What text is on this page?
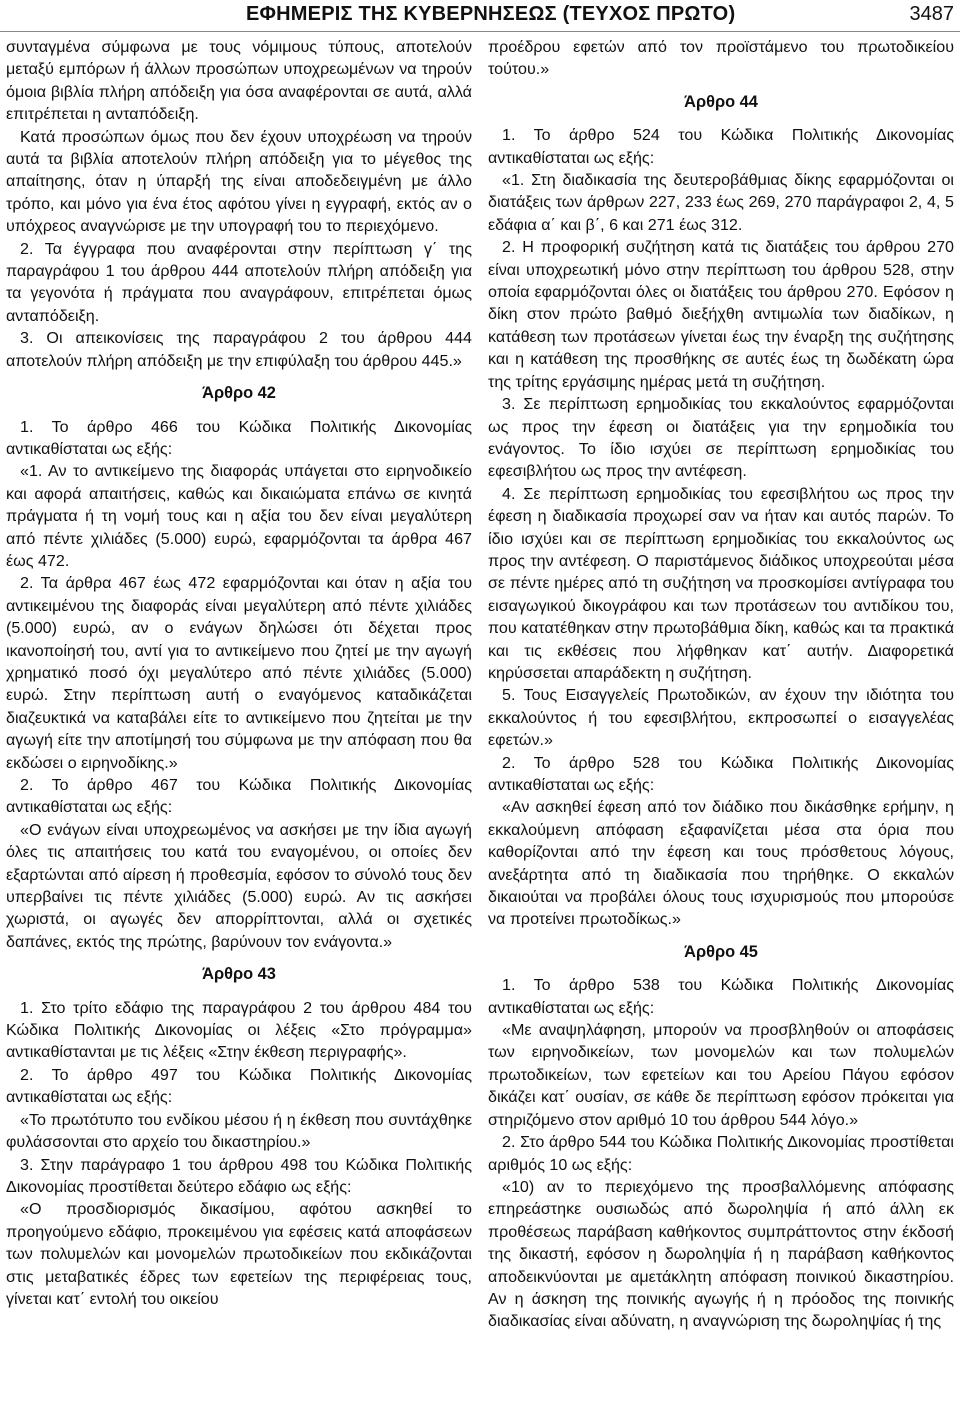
ΕΦΗΜΕΡΙΣ ΤΗΣ ΚΥΒΕΡΝΗΣΕΩΣ (ΤΕΥΧΟΣ ΠΡΩΤΟ)	3487

συνταγμένα σύμφωνα με τους νόμιμους τύπους, αποτελούν μεταξύ εμπόρων ή άλλων προσώπων υποχρεωμένων να τηρούν όμοια βιβλία πλήρη απόδειξη για όσα αναφέρονται σε αυτά, αλλά επιτρέπεται η ανταπόδειξη.

Κατά προσώπων όμως που δεν έχουν υποχρέωση να τηρούν αυτά τα βιβλία αποτελούν πλήρη απόδειξη για το μέγεθος της απαίτησης, όταν η ύπαρξή της είναι αποδεδειγμένη με άλλο τρόπο, και μόνο για ένα έτος αφότου γίνει η εγγραφή, εκτός αν ο υπόχρεος αναγνώρισε με την υπογραφή του το περιεχόμενο.

2. Τα έγγραφα που αναφέρονται στην περίπτωση γ΄ της παραγράφου 1 του άρθρου 444 αποτελούν πλήρη απόδειξη για τα γεγονότα ή πράγματα που αναγράφουν, επιτρέπεται όμως ανταπόδειξη.

3. Οι απεικονίσεις της παραγράφου 2 του άρθρου 444 αποτελούν πλήρη απόδειξη με την επιφύλαξη του άρθρου 445.»

Άρθρο 42

1. Το άρθρο 466 του Κώδικα Πολιτικής Δικονομίας αντικαθίσταται ως εξής:

«1. Αν το αντικείμενο της διαφοράς υπάγεται στο ειρηνοδικείο και αφορά απαιτήσεις, καθώς και δικαιώματα επάνω σε κινητά πράγματα ή τη νομή τους και η αξία του δεν είναι μεγαλύτερη από πέντε χιλιάδες (5.000) ευρώ, εφαρμόζονται τα άρθρα 467 έως 472.

2. Τα άρθρα 467 έως 472 εφαρμόζονται και όταν η αξία του αντικειμένου της διαφοράς είναι μεγαλύτερη από πέντε χιλιάδες (5.000) ευρώ, αν ο ενάγων δηλώσει ότι δέχεται προς ικανοποίησή του, αντί για το αντικείμενο που ζητεί με την αγωγή χρηματικό ποσό όχι μεγαλύτερο από πέντε χιλιάδες (5.000) ευρώ. Στην περίπτωση αυτή ο εναγόμενος καταδικάζεται διαζευκτικά να καταβάλει είτε το αντικείμενο που ζητείται με την αγωγή είτε την αποτίμησή του σύμφωνα με την απόφαση που θα εκδώσει ο ειρηνοδίκης.»

2. Το άρθρο 467 του Κώδικα Πολιτικής Δικονομίας αντικαθίσταται ως εξής:

«Ο ενάγων είναι υποχρεωμένος να ασκήσει με την ίδια αγωγή όλες τις απαιτήσεις του κατά του εναγομένου, οι οποίες δεν εξαρτώνται από αίρεση ή προθεσμία, εφόσον το σύνολό τους δεν υπερβαίνει τις πέντε χιλιάδες (5.000) ευρώ. Αν τις ασκήσει χωριστά, οι αγωγές δεν απορρίπτονται, αλλά οι σχετικές δαπάνες, εκτός της πρώτης, βαρύνουν τον ενάγοντα.»

Άρθρο 43

1. Στο τρίτο εδάφιο της παραγράφου 2 του άρθρου 484 του Κώδικα Πολιτικής Δικονομίας οι λέξεις «Στο πρόγραμμα» αντικαθίστανται με τις λέξεις «Στην έκθεση περιγραφής».

2. Το άρθρο 497 του Κώδικα Πολιτικής Δικονομίας αντικαθίσταται ως εξής:

«Το πρωτότυπο του ενδίκου μέσου ή η έκθεση που συντάχθηκε φυλάσσονται στο αρχείο του δικαστηρίου.»

3. Στην παράγραφο 1 του άρθρου 498 του Κώδικα Πολιτικής Δικονομίας προστίθεται δεύτερο εδάφιο ως εξής:

«Ο προσδιορισμός δικασίμου, αφότου ασκηθεί το προηγούμενο εδάφιο, προκειμένου για εφέσεις κατά αποφάσεων των πολυμελών και μονομελών πρωτοδικείων που εκδικάζονται στις μεταβατικές έδρες των εφετείων της περιφέρειας τους, γίνεται κατ΄ εντολή του οικείου

προέδρου εφετών από τον προϊστάμενο του πρωτοδικείου τούτου.»

Άρθρο 44

1. Το άρθρο 524 του Κώδικα Πολιτικής Δικονομίας αντικαθίσταται ως εξής:

«1. Στη διαδικασία της δευτεροβάθμιας δίκης εφαρμόζονται οι διατάξεις των άρθρων 227, 233 έως 269, 270 παράγραφοι 2, 4, 5 εδάφια α΄ και β΄, 6 και 271 έως 312.

2. Η προφορική συζήτηση κατά τις διατάξεις του άρθρου 270 είναι υποχρεωτική μόνο στην περίπτωση του άρθρου 528, στην οποία εφαρμόζονται όλες οι διατάξεις του άρθρου 270. Εφόσον η δίκη στον πρώτο βαθμό διεξήχθη αντιμωλία των διαδίκων, η κατάθεση των προτάσεων γίνεται έως την έναρξη της συζήτησης και η κατάθεση της προσθήκης σε αυτές έως τη δωδέκατη ώρα της τρίτης εργάσιμης ημέρας μετά τη συζήτηση.

3. Σε περίπτωση ερημοδικίας του εκκαλούντος εφαρμόζονται ως προς την έφεση οι διατάξεις για την ερημοδικία του ενάγοντος. Το ίδιο ισχύει σε περίπτωση ερημοδικίας του εφεσιβλήτου ως προς την αντέφεση.

4. Σε περίπτωση ερημοδικίας του εφεσιβλήτου ως προς την έφεση η διαδικασία προχωρεί σαν να ήταν και αυτός παρών. Το ίδιο ισχύει και σε περίπτωση ερημοδικίας του εκκαλούντος ως προς την αντέφεση. Ο παριστάμενος διάδικος υποχρεούται μέσα σε πέντε ημέρες από τη συζήτηση να προσκομίσει αντίγραφα του εισαγωγικού δικογράφου και των προτάσεων του αντιδίκου του, που κατατέθηκαν στην πρωτοβάθμια δίκη, καθώς και τα πρακτικά και τις εκθέσεις που λήφθηκαν κατ΄ αυτήν. Διαφορετικά κηρύσσεται απαράδεκτη η συζήτηση.

5. Τους Εισαγγελείς Πρωτοδικών, αν έχουν την ιδιότητα του εκκαλούντος ή του εφεσιβλήτου, εκπροσωπεί ο εισαγγελέας εφετών.»

2. Το άρθρο 528 του Κώδικα Πολιτικής Δικονομίας αντικαθίσταται ως εξής:

«Αν ασκηθεί έφεση από τον διάδικο που δικάσθηκε ερήμην, η εκκαλούμενη απόφαση εξαφανίζεται μέσα στα όρια που καθορίζονται από την έφεση και τους πρόσθετους λόγους, ανεξάρτητα από τη διαδικασία που τηρήθηκε. Ο εκκαλών δικαιούται να προβάλει όλους τους ισχυρισμούς που μπορούσε να προτείνει πρωτοδίκως.»

Άρθρο 45

1. Το άρθρο 538 του Κώδικα Πολιτικής Δικονομίας αντικαθίσταται ως εξής:

«Με αναψηλάφηση, μπορούν να προσβληθούν οι αποφάσεις των ειρηνοδικείων, των μονομελών και των πολυμελών πρωτοδικείων, των εφετείων και του Αρείου Πάγου εφόσον δικάζει κατ΄ ουσίαν, σε κάθε δε περίπτωση εφόσον πρόκειται για στηριζόμενο στον αριθμό 10 του άρθρου 544 λόγο.»

2. Στο άρθρο 544 του Κώδικα Πολιτικής Δικονομίας προστίθεται αριθμός 10 ως εξής:

«10) αν το περιεχόμενο της προσβαλλόμενης απόφασης επηρεάστηκε ουσιωδώς από δωροληψία ή από άλλη εκ προθέσεως παράβαση καθήκοντος συμπράττοντος στην έκδοσή της δικαστή, εφόσον η δωροληψία ή η παράβαση καθήκοντος αποδεικνύονται με αμετάκλητη απόφαση ποινικού δικαστηρίου. Αν η άσκηση της ποινικής αγωγής ή η πρόοδος της ποινικής διαδικασίας είναι αδύνατη, η αναγνώριση της δωροληψίας ή της
